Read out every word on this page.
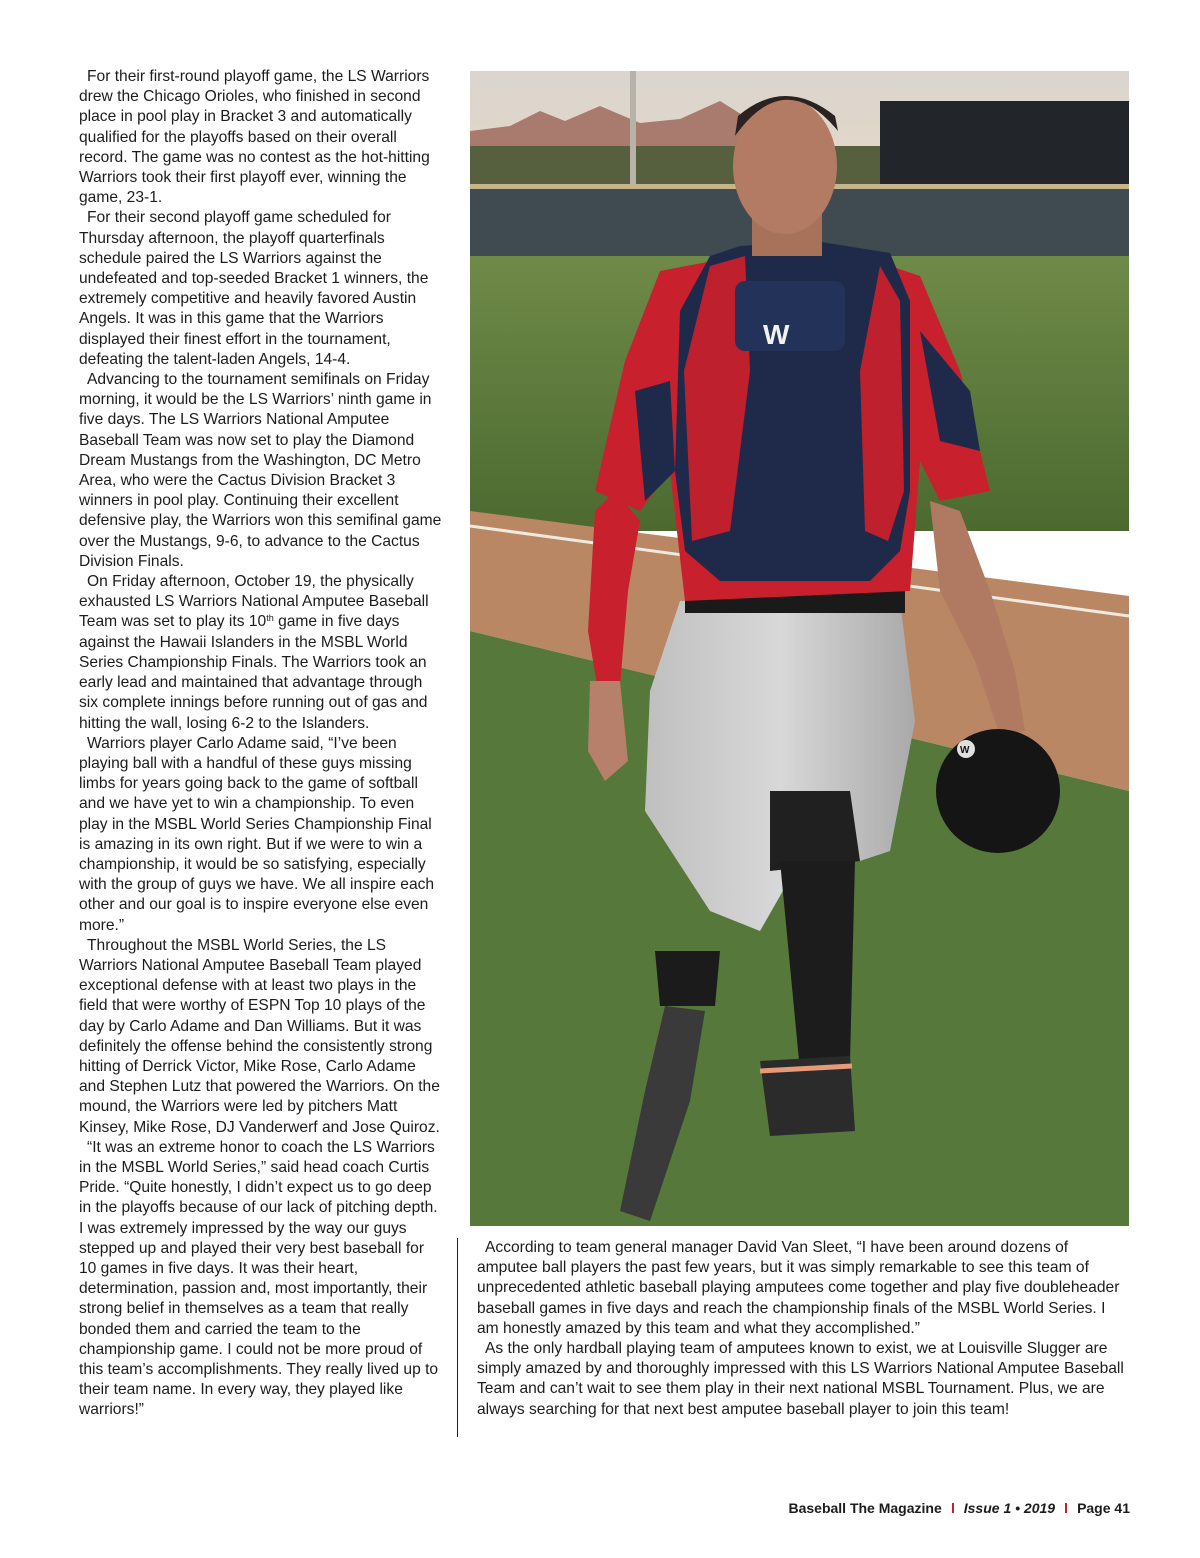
For their first-round playoff game, the LS Warriors drew the Chicago Orioles, who finished in second place in pool play in Bracket 3 and automatically qualified for the playoffs based on their overall record. The game was no contest as the hot-hitting Warriors took their first playoff ever, winning the game, 23-1.

For their second playoff game scheduled for Thursday afternoon, the playoff quarterfinals schedule paired the LS Warriors against the undefeated and top-seeded Bracket 1 winners, the extremely competitive and heavily favored Austin Angels. It was in this game that the Warriors displayed their finest effort in the tournament, defeating the talent-laden Angels, 14-4.

Advancing to the tournament semifinals on Friday morning, it would be the LS Warriors’ ninth game in five days. The LS Warriors National Amputee Baseball Team was now set to play the Diamond Dream Mustangs from the Washington, DC Metro Area, who were the Cactus Division Bracket 3 winners in pool play. Continuing their excellent defensive play, the Warriors won this semifinal game over the Mustangs, 9-6, to advance to the Cactus Division Finals.

On Friday afternoon, October 19, the physically exhausted LS Warriors National Amputee Baseball Team was set to play its 10th game in five days against the Hawaii Islanders in the MSBL World Series Championship Finals. The Warriors took an early lead and maintained that advantage through six complete innings before running out of gas and hitting the wall, losing 6-2 to the Islanders.

Warriors player Carlo Adame said, “I’ve been playing ball with a handful of these guys missing limbs for years going back to the game of softball and we have yet to win a championship. To even play in the MSBL World Series Championship Final is amazing in its own right. But if we were to win a championship, it would be so satisfying, especially with the group of guys we have. We all inspire each other and our goal is to inspire everyone else even more.”

Throughout the MSBL World Series, the LS Warriors National Amputee Baseball Team played exceptional defense with at least two plays in the field that were worthy of ESPN Top 10 plays of the day by Carlo Adame and Dan Williams. But it was definitely the offense behind the consistently strong hitting of Derrick Victor, Mike Rose, Carlo Adame and Stephen Lutz that powered the Warriors. On the mound, the Warriors were led by pitchers Matt Kinsey, Mike Rose, DJ Vanderwerf and Jose Quiroz.

“It was an extreme honor to coach the LS Warriors in the MSBL World Series,” said head coach Curtis Pride. “Quite honestly, I didn’t expect us to go deep in the playoffs because of our lack of pitching depth. I was extremely impressed by the way our guys stepped up and played their very best baseball for 10 games in five days. It was their heart, determination, passion and, most importantly, their strong belief in themselves as a team that really bonded them and carried the team to the championship game. I could not be more proud of this team’s accomplishments. They really lived up to their team name. In every way, they played like warriors!”

W
W

According to team general manager David Van Sleet, “I have been around dozens of amputee ball players the past few years, but it was simply remarkable to see this team of unprecedented athletic baseball playing amputees come together and play five doubleheader baseball games in five days and reach the championship finals of the MSBL World Series. I am honestly amazed by this team and what they accomplished.”

As the only hardball playing team of amputees known to exist, we at Louisville Slugger are simply amazed by and thoroughly impressed with this LS Warriors National Amputee Baseball Team and can’t wait to see them play in their next national MSBL Tournament. Plus, we are always searching for that next best amputee baseball player to join this team!

Baseball The Magazine Issue 1 • 2019 Page 41
